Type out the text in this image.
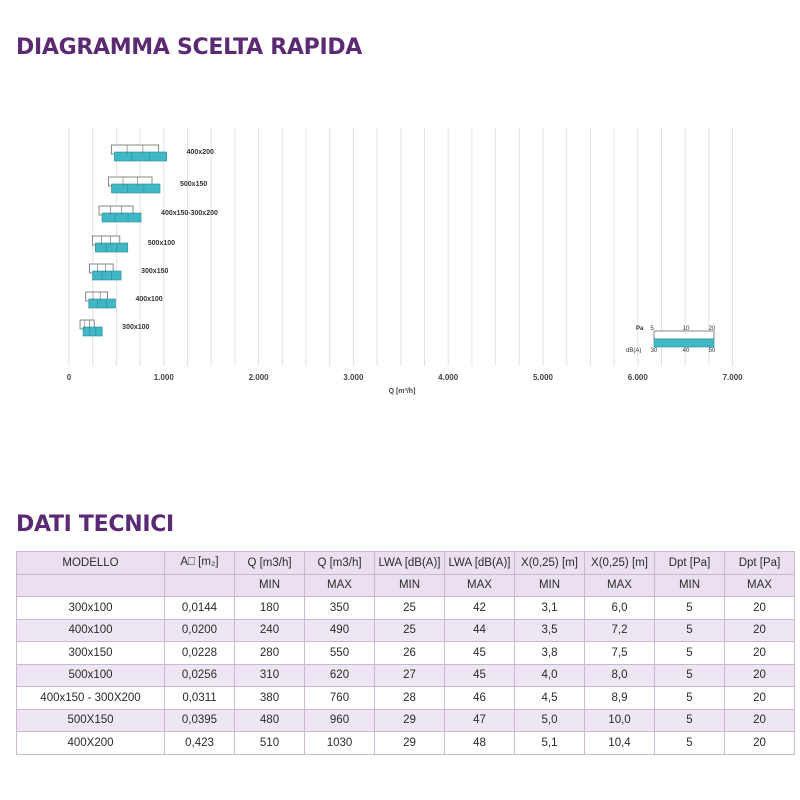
DIAGRAMMA SCELTA RAPIDA
400x200
500x150
400x150-300x200
500x100
300x150
400x100
300x100
0	1.000	2.000	3.000	4.000	5.000	6.000	7.000
Q [m³/h]
Pa
dB(A)
5	10	20
30	40	50
DATI TECNICI
MODELLO	A⎕ [m₂]	Q [m3/h]	Q [m3/h]	LWA [dB(A)]	LWA [dB(A)]	X(0,25) [m]	X(0,25) [m]	Dpt [Pa]	Dpt [Pa]
		MIN	MAX	MIN	MAX	MIN	MAX	MIN	MAX
300x100	0,0144	180	350	25	42	3,1	6,0	5	20
400x100	0,0200	240	490	25	44	3,5	7,2	5	20
300x150	0,0228	280	550	26	45	3,8	7,5	5	20
500x100	0,0256	310	620	27	45	4,0	8,0	5	20
400x150 - 300X200	0,0311	380	760	28	46	4,5	8,9	5	20
500X150	0,0395	480	960	29	47	5,0	10,0	5	20
400X200	0,423	510	1030	29	48	5,1	10,4	5	20
